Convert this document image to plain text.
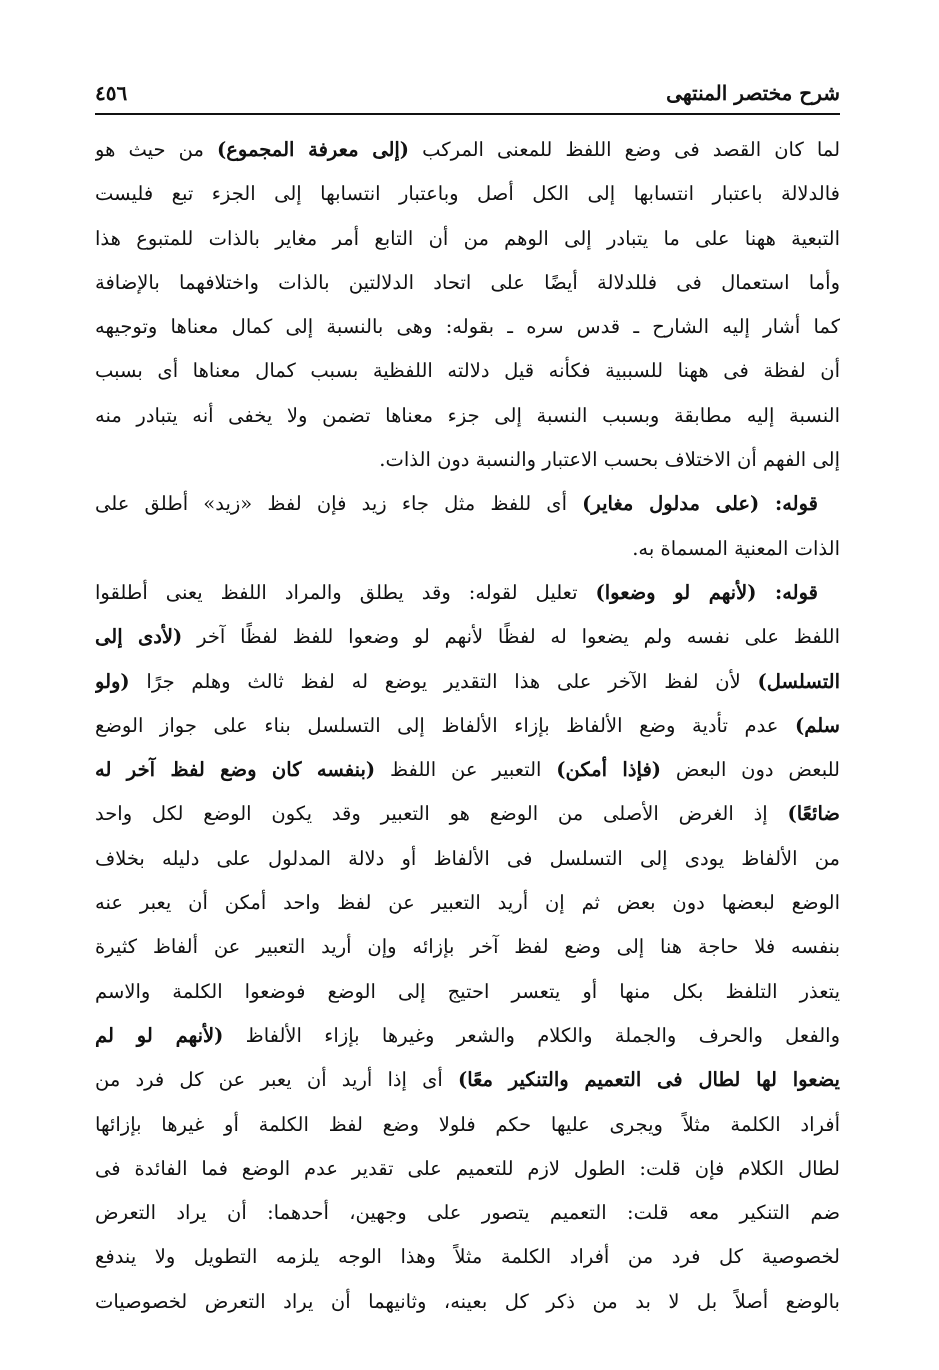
شرح مختصر المنتهى
٤٥٦
لما كان القصد فى وضع اللفظ للمعنى المركب (إلى معرفة المجموع) من حيث هو
فالدلالة باعتبار انتسابها إلى الكل أصل وباعتبار انتسابها إلى الجزء تبع فليست
التبعية ههنا على ما يتبادر إلى الوهم من أن التابع أمر مغاير بالذات للمتبوع هذا
وأما استعمال فى فللدلالة أيضًا على اتحاد الدلالتين بالذات واختلافهما بالإضافة
كما أشار إليه الشارح ـ قدس سره ـ بقوله: وهى بالنسبة إلى كمال معناها وتوجيهه
أن لفظة فى ههنا للسببية فكأنه قيل دلالته اللفظية بسبب كمال معناها أى بسبب
النسبة إليه مطابقة وبسبب النسبة إلى جزء معناها تضمن ولا يخفى أنه يتبادر منه
إلى الفهم أن الاختلاف بحسب الاعتبار والنسبة دون الذات.
قوله: (على مدلول مغاير) أى للفظ مثل جاء زيد فإن لفظ «زيد» أطلق على
الذات المعنية المسماة به.
قوله: (لأنهم لو وضعوا) تعليل لقوله: وقد يطلق والمراد اللفظ يعنى أطلقوا
اللفظ على نفسه ولم يضعوا له لفظًا لأنهم لو وضعوا للفظ لفظًا آخر (لأدى إلى
التسلسل) لأن لفظ الآخر على هذا التقدير يوضع له لفظ ثالث وهلم جرًا (ولو
سلم) عدم تأدية وضع الألفاظ بإزاء الألفاظ إلى التسلسل بناء على جواز الوضع
للبعض دون البعض (فإذا أمكن) التعبير عن اللفظ (بنفسه كان وضع لفظ آخر له
ضائعًا) إذ الغرض الأصلى من الوضع هو التعبير وقد يكون الوضع لكل واحد
من الألفاظ يودى إلى التسلسل فى الألفاظ أو دلالة المدلول على دليله بخلاف
الوضع لبعضها دون بعض ثم إن أريد التعبير عن لفظ واحد أمكن أن يعبر عنه
بنفسه فلا حاجة هنا إلى وضع لفظ آخر بإزائه وإن أريد التعبير عن ألفاظ كثيرة
يتعذر التلفظ بكل منها أو يتعسر احتيج إلى الوضع فوضعوا الكلمة والاسم
والفعل والحرف والجملة والكلام والشعر وغيرها بإزاء الألفاظ (لأنهم لو لم
يضعوا لها لطال فى التعميم والتنكير معًا) أى إذا أريد أن يعبر عن كل فرد من
أفراد الكلمة مثلاً ويجرى عليها حكم فلولا وضع لفظ الكلمة أو غيرها بإزائها
لطال الكلام فإن قلت: الطول لازم للتعميم على تقدير عدم الوضع فما الفائدة فى
ضم التنكير معه قلت: التعميم يتصور على وجهين، أحدهما: أن يراد التعرض
لخصوصية كل فرد من أفراد الكلمة مثلاً وهذا الوجه يلزمه التطويل ولا يندفع
بالوضع أصلاً بل لا بد من ذكر كل بعينه، وثانيهما أن يراد التعرض لخصوصيات
